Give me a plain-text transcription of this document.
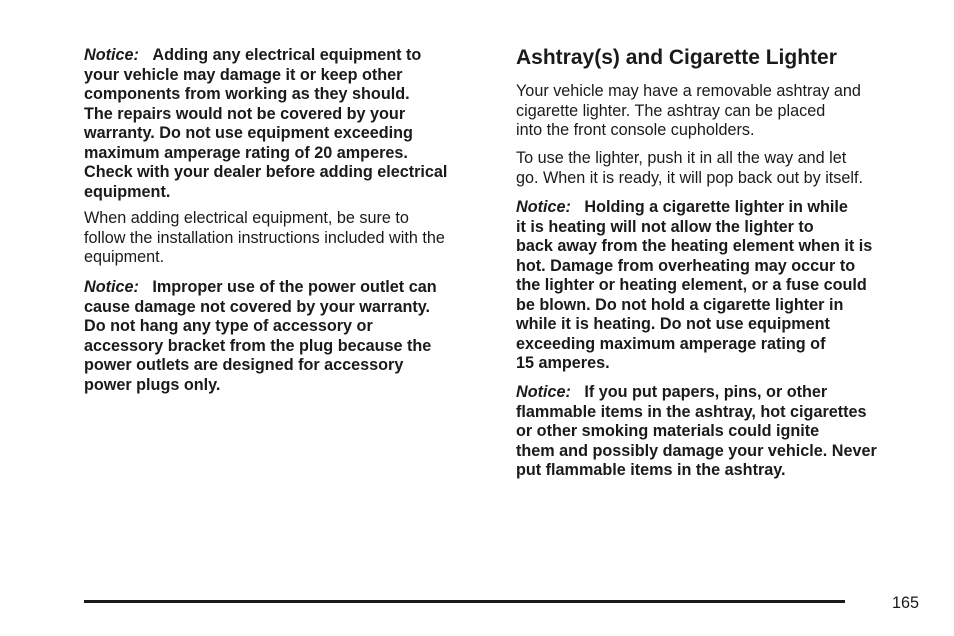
Notice: Adding any electrical equipment to
your vehicle may damage it or keep other
components from working as they should.
The repairs would not be covered by your
warranty. Do not use equipment exceeding
maximum amperage rating of 20 amperes.
Check with your dealer before adding electrical
equipment.

When adding electrical equipment, be sure to
follow the installation instructions included with the
equipment.

Notice: Improper use of the power outlet can
cause damage not covered by your warranty.
Do not hang any type of accessory or
accessory bracket from the plug because the
power outlets are designed for accessory
power plugs only.

Ashtray(s) and Cigarette Lighter

Your vehicle may have a removable ashtray and
cigarette lighter. The ashtray can be placed
into the front console cupholders.

To use the lighter, push it in all the way and let
go. When it is ready, it will pop back out by itself.

Notice: Holding a cigarette lighter in while
it is heating will not allow the lighter to
back away from the heating element when it is
hot. Damage from overheating may occur to
the lighter or heating element, or a fuse could
be blown. Do not hold a cigarette lighter in
while it is heating. Do not use equipment
exceeding maximum amperage rating of
15 amperes.

Notice: If you put papers, pins, or other
flammable items in the ashtray, hot cigarettes
or other smoking materials could ignite
them and possibly damage your vehicle. Never
put flammable items in the ashtray.

165
